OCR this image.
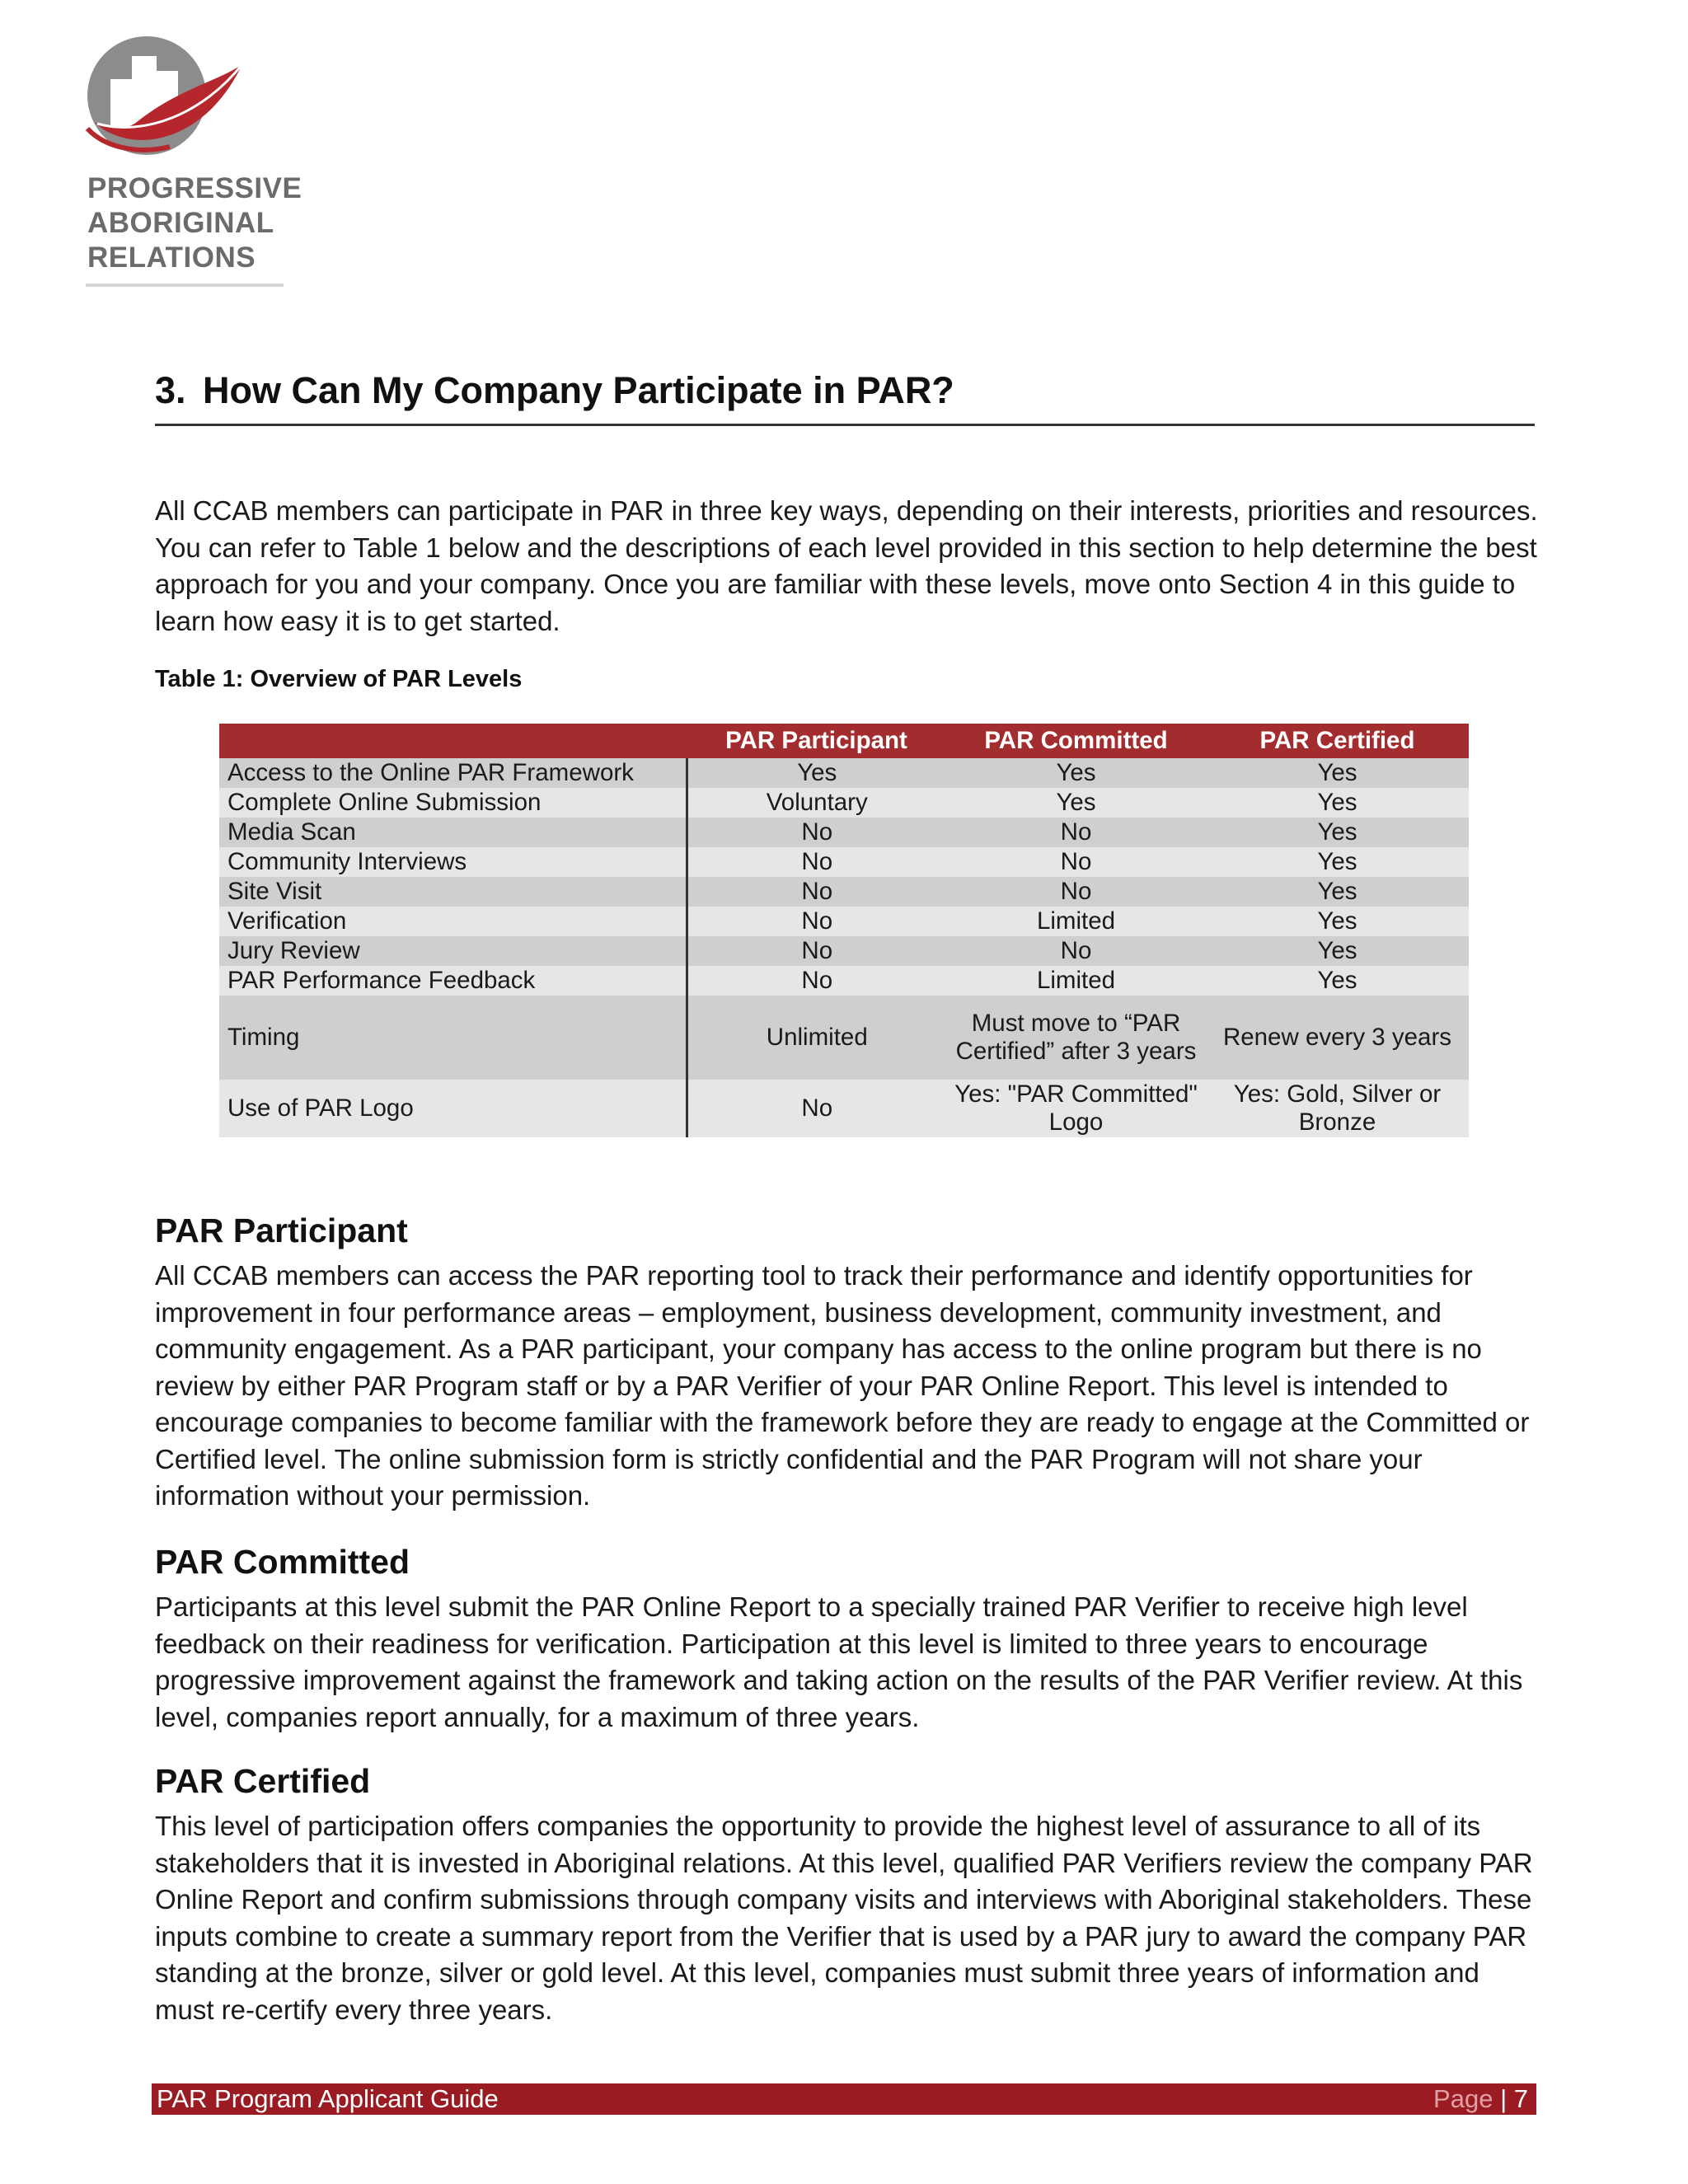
PROGRESSIVE
ABORIGINAL
RELATIONS
3. How Can My Company Participate in PAR?
All CCAB members can participate in PAR in three key ways, depending on their interests, priorities and resources. You can refer to Table 1 below and the descriptions of each level provided in this section to help determine the best approach for you and your company. Once you are familiar with these levels, move onto Section 4 in this guide to learn how easy it is to get started.
Table 1: Overview of PAR Levels
	PAR Participant	PAR Committed	PAR Certified
Access to the Online PAR Framework	Yes	Yes	Yes
Complete Online Submission	Voluntary	Yes	Yes
Media Scan	No	No	Yes
Community Interviews	No	No	Yes
Site Visit	No	No	Yes
Verification	No	Limited	Yes
Jury Review	No	No	Yes
PAR Performance Feedback	No	Limited	Yes
Timing	Unlimited	Must move to “PAR Certified” after 3 years	Renew every 3 years
Use of PAR Logo	No	Yes: "PAR Committed" Logo	Yes: Gold, Silver or Bronze
PAR Participant
All CCAB members can access the PAR reporting tool to track their performance and identify opportunities for improvement in four performance areas – employment, business development, community investment, and community engagement. As a PAR participant, your company has access to the online program but there is no review by either PAR Program staff or by a PAR Verifier of your PAR Online Report. This level is intended to encourage companies to become familiar with the framework before they are ready to engage at the Committed or Certified level. The online submission form is strictly confidential and the PAR Program will not share your information without your permission.
PAR Committed
Participants at this level submit the PAR Online Report to a specially trained PAR Verifier to receive high level feedback on their readiness for verification. Participation at this level is limited to three years to encourage progressive improvement against the framework and taking action on the results of the PAR Verifier review. At this level, companies report annually, for a maximum of three years.
PAR Certified
This level of participation offers companies the opportunity to provide the highest level of assurance to all of its stakeholders that it is invested in Aboriginal relations. At this level, qualified PAR Verifiers review the company PAR Online Report and confirm submissions through company visits and interviews with Aboriginal stakeholders. These inputs combine to create a summary report from the Verifier that is used by a PAR jury to award the company PAR standing at the bronze, silver or gold level. At this level, companies must submit three years of information and must re-certify every three years.
PAR Program Applicant Guide	Page | 7
